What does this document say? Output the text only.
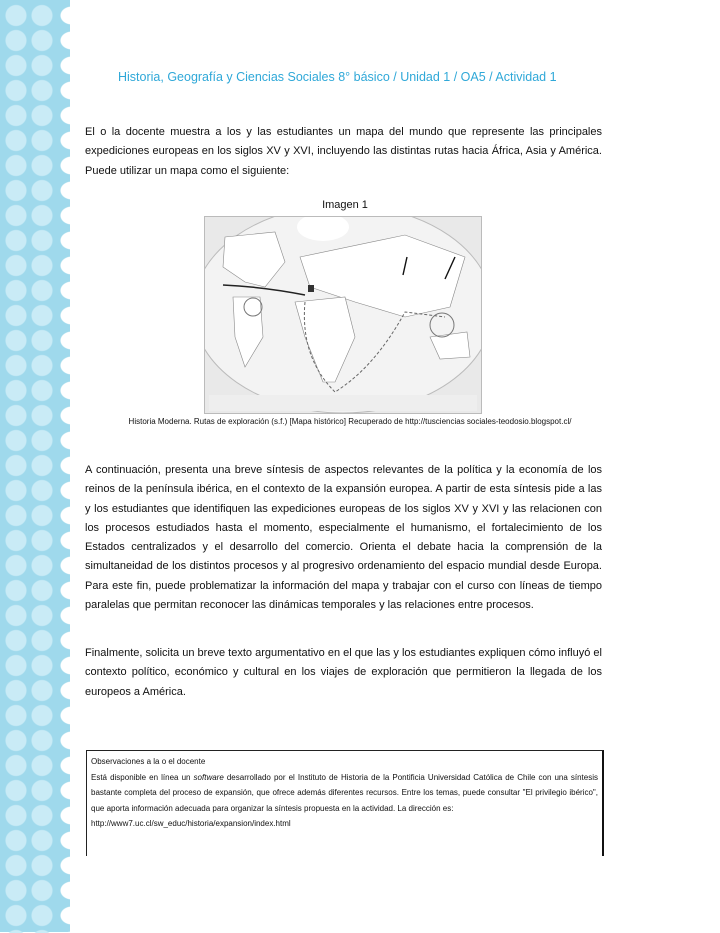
Historia, Geografía y Ciencias Sociales 8° básico / Unidad 1 / OA5 / Actividad 1
El o la docente muestra a los y las estudiantes un mapa del mundo que represente las principales expediciones europeas en los siglos XV y XVI, incluyendo las distintas rutas hacia África, Asia y América. Puede utilizar un mapa como el siguiente:
Imagen 1
Historia Moderna. Rutas de exploración (s.f.) [Mapa histórico] Recuperado de http://tusciencias sociales-teodosio.blogspot.cl/
A continuación, presenta una breve síntesis de aspectos relevantes de la política y la economía de los reinos de la península ibérica, en el contexto de la expansión europea. A partir de esta síntesis pide a las y los estudiantes que identifiquen las expediciones europeas de los siglos XV y XVI y las relacionen con los procesos estudiados hasta el momento, especialmente el humanismo, el fortalecimiento de los Estados centralizados y el desarrollo del comercio. Orienta el debate hacia la comprensión de la simultaneidad de los distintos procesos y al progresivo ordenamiento del espacio mundial desde Europa. Para este fin, puede problematizar la información del mapa y trabajar con el curso con líneas de tiempo paralelas que permitan reconocer las dinámicas temporales y las relaciones entre procesos.
Finalmente, solicita un breve texto argumentativo en el que las y los estudiantes expliquen cómo influyó el contexto político, económico y cultural en los viajes de exploración que permitieron la llegada de los europeos a América.

Observaciones a la o el docente

Está disponible en línea un software desarrollado por el Instituto de Historia de la Pontificia Universidad Católica de Chile con una síntesis bastante completa del proceso de expansión, que ofrece además diferentes recursos. Entre los temas, puede consultar "El privilegio ibérico", que aporta información adecuada para organizar la síntesis propuesta en la actividad. La dirección es:

http://www7.uc.cl/sw_educ/historia/expansion/index.html
